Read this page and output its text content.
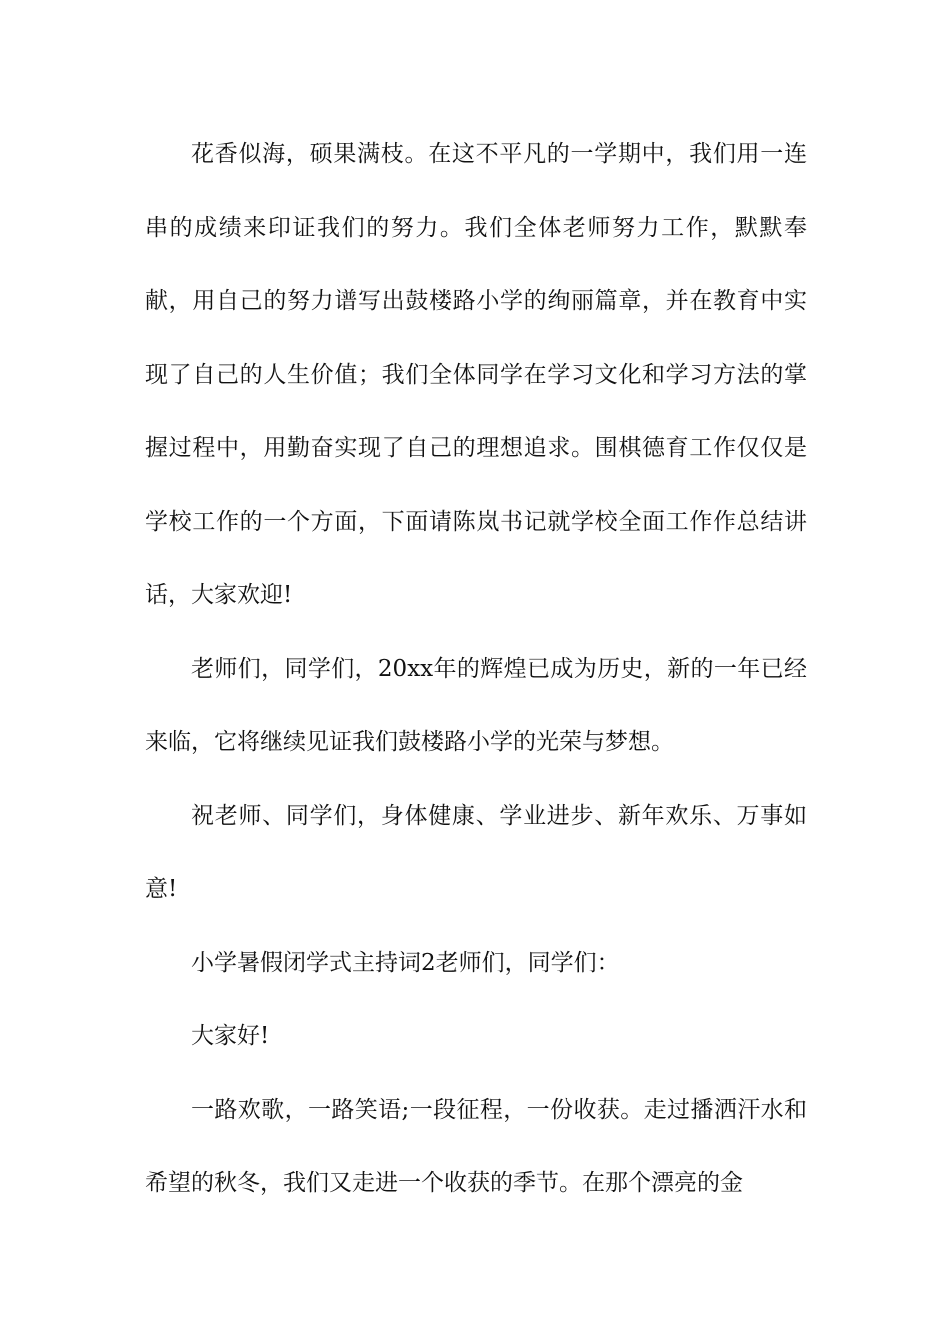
花香似海，硕果满枝。在这不平凡的一学期中，我们用一连串的成绩来印证我们的努力。我们全体老师努力工作，默默奉献，用自己的努力谱写出鼓楼路小学的绚丽篇章，并在教育中实现了自己的人生价值；我们全体同学在学习文化和学习方法的掌握过程中，用勤奋实现了自己的理想追求。围棋德育工作仅仅是学校工作的一个方面，下面请陈岚书记就学校全面工作作总结讲话，大家欢迎!

老师们，同学们，20xx年的辉煌已成为历史，新的一年已经来临，它将继续见证我们鼓楼路小学的光荣与梦想。

祝老师、同学们，身体健康、学业进步、新年欢乐、万事如意!

小学暑假闭学式主持词2老师们，同学们：

大家好!

一路欢歌，一路笑语;一段征程，一份收获。走过播洒汗水和希望的秋冬，我们又走进一个收获的季节。在那个漂亮的金
